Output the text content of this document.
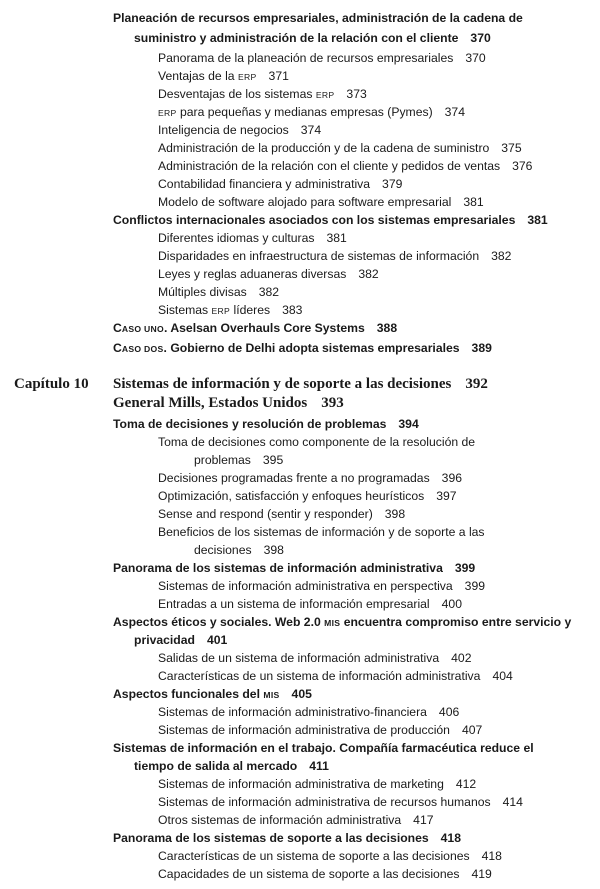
Planeación de recursos empresariales, administración de la cadena de
suministro y administración de la relación con el cliente 370
Panorama de la planeación de recursos empresariales 370
Ventajas de la ERP 371
Desventajas de los sistemas ERP 373
ERP para pequeñas y medianas empresas (Pymes) 374
Inteligencia de negocios 374
Administración de la producción y de la cadena de suministro 375
Administración de la relación con el cliente y pedidos de ventas 376
Contabilidad financiera y administrativa 379
Modelo de software alojado para software empresarial 381
Conflictos internacionales asociados con los sistemas empresariales 381
Diferentes idiomas y culturas 381
Disparidades en infraestructura de sistemas de información 382
Leyes y reglas aduaneras diversas 382
Múltiples divisas 382
Sistemas ERP líderes 383
CASO UNO. Aselsan Overhauls Core Systems 388
CASO DOS. Gobierno de Delhi adopta sistemas empresariales 389
Capítulo 10 Sistemas de información y de soporte a las decisiones 392
General Mills, Estados Unidos 393
Toma de decisiones y resolución de problemas 394
Toma de decisiones como componente de la resolución de
problemas 395
Decisiones programadas frente a no programadas 396
Optimización, satisfacción y enfoques heurísticos 397
Sense and respond (sentir y responder) 398
Beneficios de los sistemas de información y de soporte a las
decisiones 398
Panorama de los sistemas de información administrativa 399
Sistemas de información administrativa en perspectiva 399
Entradas a un sistema de información empresarial 400
Aspectos éticos y sociales. Web 2.0 MIS encuentra compromiso entre servicio y
privacidad 401
Salidas de un sistema de información administrativa 402
Características de un sistema de información administrativa 404
Aspectos funcionales del MIS 405
Sistemas de información administrativo-financiera 406
Sistemas de información administrativa de producción 407
Sistemas de información en el trabajo. Compañía farmacéutica reduce el
tiempo de salida al mercado 411
Sistemas de información administrativa de marketing 412
Sistemas de información administrativa de recursos humanos 414
Otros sistemas de información administrativa 417
Panorama de los sistemas de soporte a las decisiones 418
Características de un sistema de soporte a las decisiones 418
Capacidades de un sistema de soporte a las decisiones 419
